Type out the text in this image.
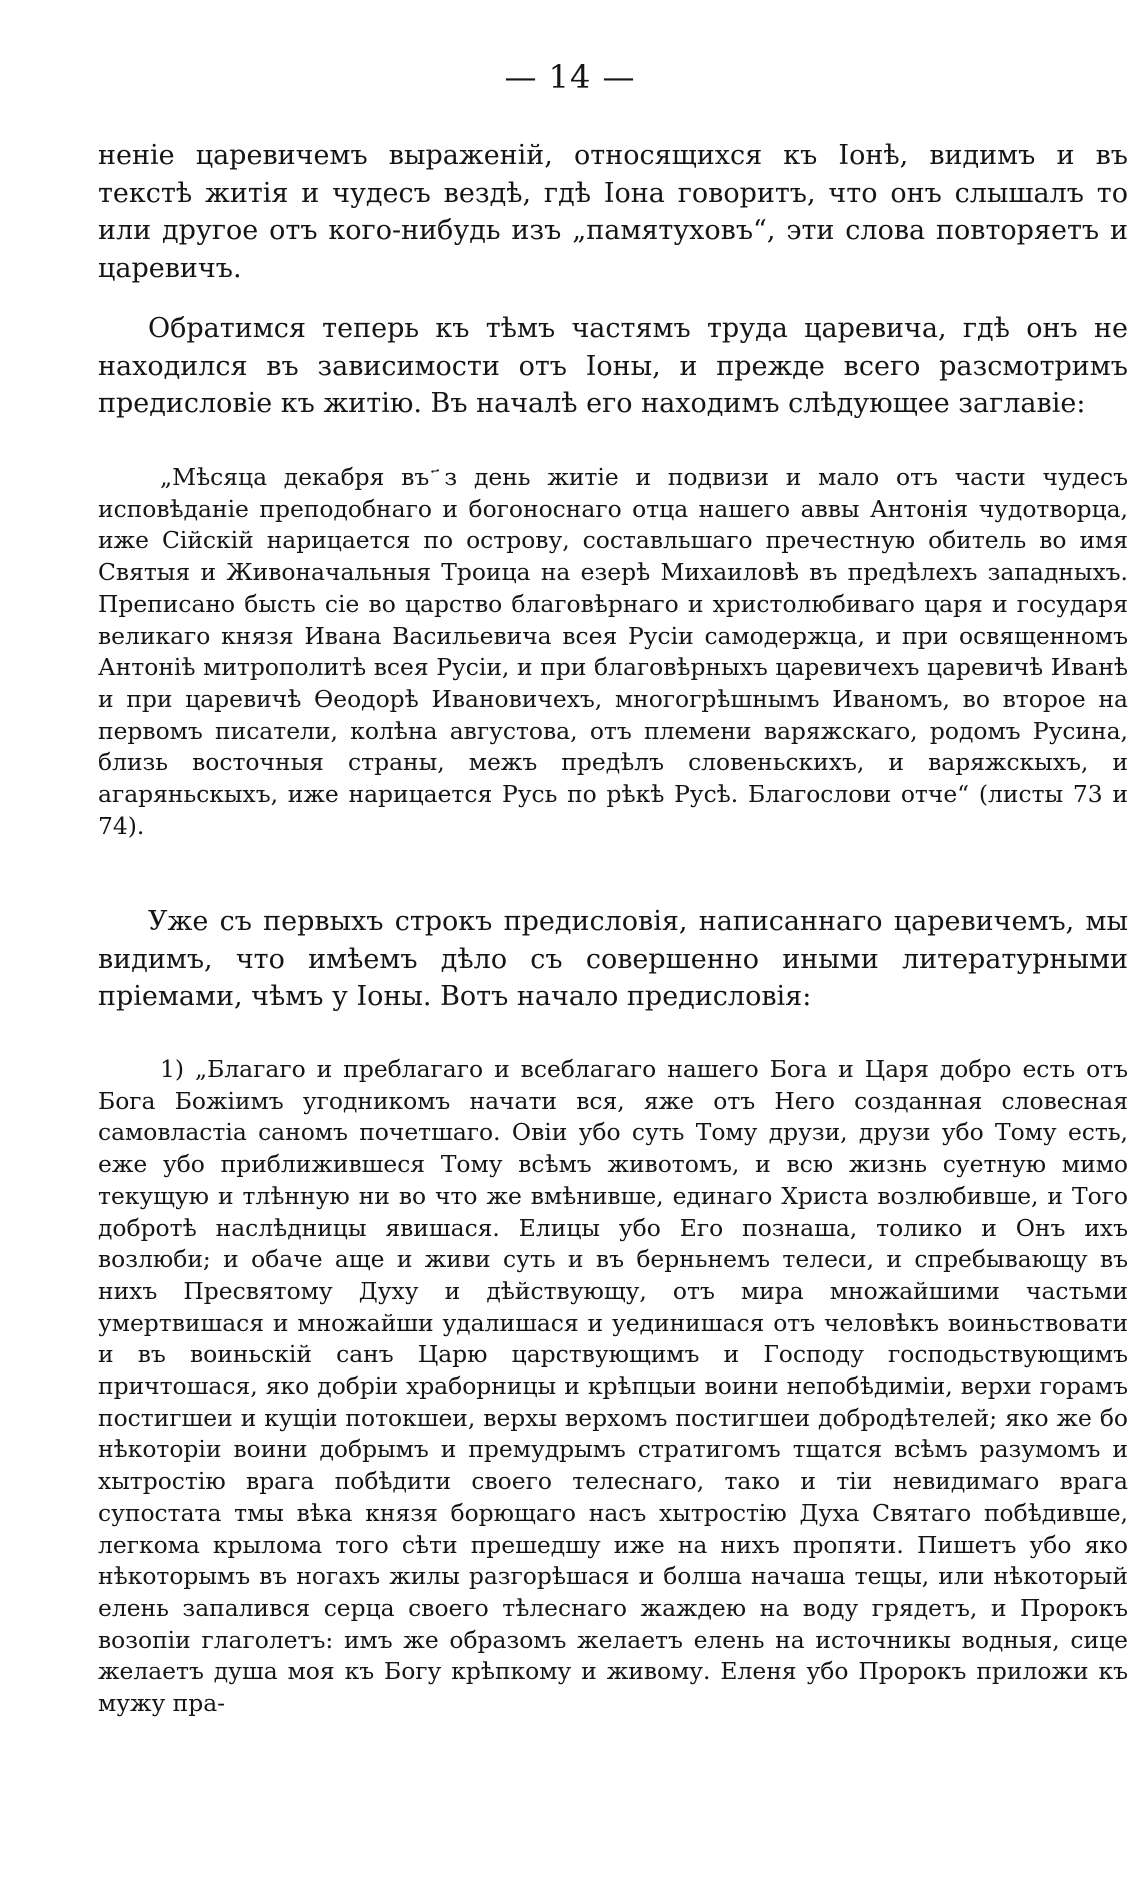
— 14 —

ненiе царевичемъ выраженiй, относящихся къ Iонѣ, видимъ и въ текстѣ житiя и чудесъ вездѣ, гдѣ Iона говоритъ, что онъ слышалъ то или другое отъ кого-нибудь изъ „памятуховъ“, эти слова повторяетъ и царевичъ.

Обратимся теперь къ тѣмъ частямъ труда царевича, гдѣ онъ не находился въ зависимости отъ Iоны, и прежде всего разсмотримъ предисловiе къ житiю. Въ началѣ его находимъ слѣдующее заглавiе:

„Мѣсяца декабря въ ҃з день житiе и подвизи и мало отъ части чудесъ исповѣданiе преподобнаго и богоноснаго отца нашего аввы Антонiя чудотворца, иже Сiйскiй нарицается по острову, составльшаго пречестную обитель во имя Святыя и Живоначальныя Троица на езерѣ Михаиловѣ въ предѣлехъ западныхъ. Преписано бысть сiе во царство благовѣрнаго и христолюбиваго царя и государя великаго князя Ивана Васильевича всея Русiи самодержца, и при освященномъ Антонiѣ митрополитѣ всея Русiи, и при благовѣрныхъ царевичехъ царевичѣ Иванѣ и при царевичѣ Ѳеодорѣ Ивановичехъ, многогрѣшнымъ Иваномъ, во второе на первомъ писатели, колѣна августова, отъ племени варяжскаго, родомъ Русина, близь восточныя страны, межъ предѣлъ словеньскихъ, и варяжскыхъ, и агаряньскыхъ, иже нарицается Русь по рѣкѣ Русѣ. Благослови отче“ (листы 73 и 74).

Уже съ первыхъ строкъ предисловiя, написаннаго царевичемъ, мы видимъ, что имѣемъ дѣло съ совершенно иными литературными прiемами, чѣмъ у Iоны. Вотъ начало предисловiя:

1) „Благаго и преблагаго и всеблагаго нашего Бога и Царя добро есть отъ Бога Божiимъ угодникомъ начати вся, яже отъ Него созданная словесная самовластiа саномъ почетшаго. Овiи убо суть Тому друзи, друзи убо Тому есть, еже убо приближившеся Тому всѣмъ животомъ, и всю жизнь суетную мимо текущую и тлѣнную ни во что же вмѣнивше, единаго Христа возлюбивше, и Того добротѣ наслѣдницы явишася. Елицы убо Его познаша, толико и Онъ ихъ возлюби; и обаче аще и живи суть и въ берньнемъ телеси, и спребывающу въ нихъ Пресвятому Духу и дѣйствующу, отъ мира множайшими частьми умертвишася и множайши удалишася и уединишася отъ человѣкъ воиньствовати и въ воиньскiй санъ Царю царствующимъ и Господу господьствующимъ причтошася, яко добрiи храборницы и крѣпцыи воини непобѣдимiи, верхи горамъ постигшеи и кущiи потокшеи, верхы верхомъ постигшеи добродѣтелей; яко же бо нѣкоторiи воини добрымъ и премудрымъ стратигомъ тщатся всѣмъ разумомъ и хытростiю врага побѣдити своего телеснаго, тако и тiи невидимаго врага супостата тмы вѣка князя борющаго насъ хытростiю Духа Святаго побѣдивше, легкома крылома того сѣти прешедшу иже на нихъ пропяти. Пишетъ убо яко нѣкоторымъ въ ногахъ жилы разгорѣшася и болша начаша тещы, или нѣкоторый елень запалився серца своего тѣлеснаго жаждею на воду грядетъ, и Пророкъ возопiи глаголетъ: имъ же образомъ желаетъ елень на источникы водныя, сице желаетъ душа моя къ Богу крѣпкому и живому. Еленя убо Пророкъ приложи къ мужу пра-
